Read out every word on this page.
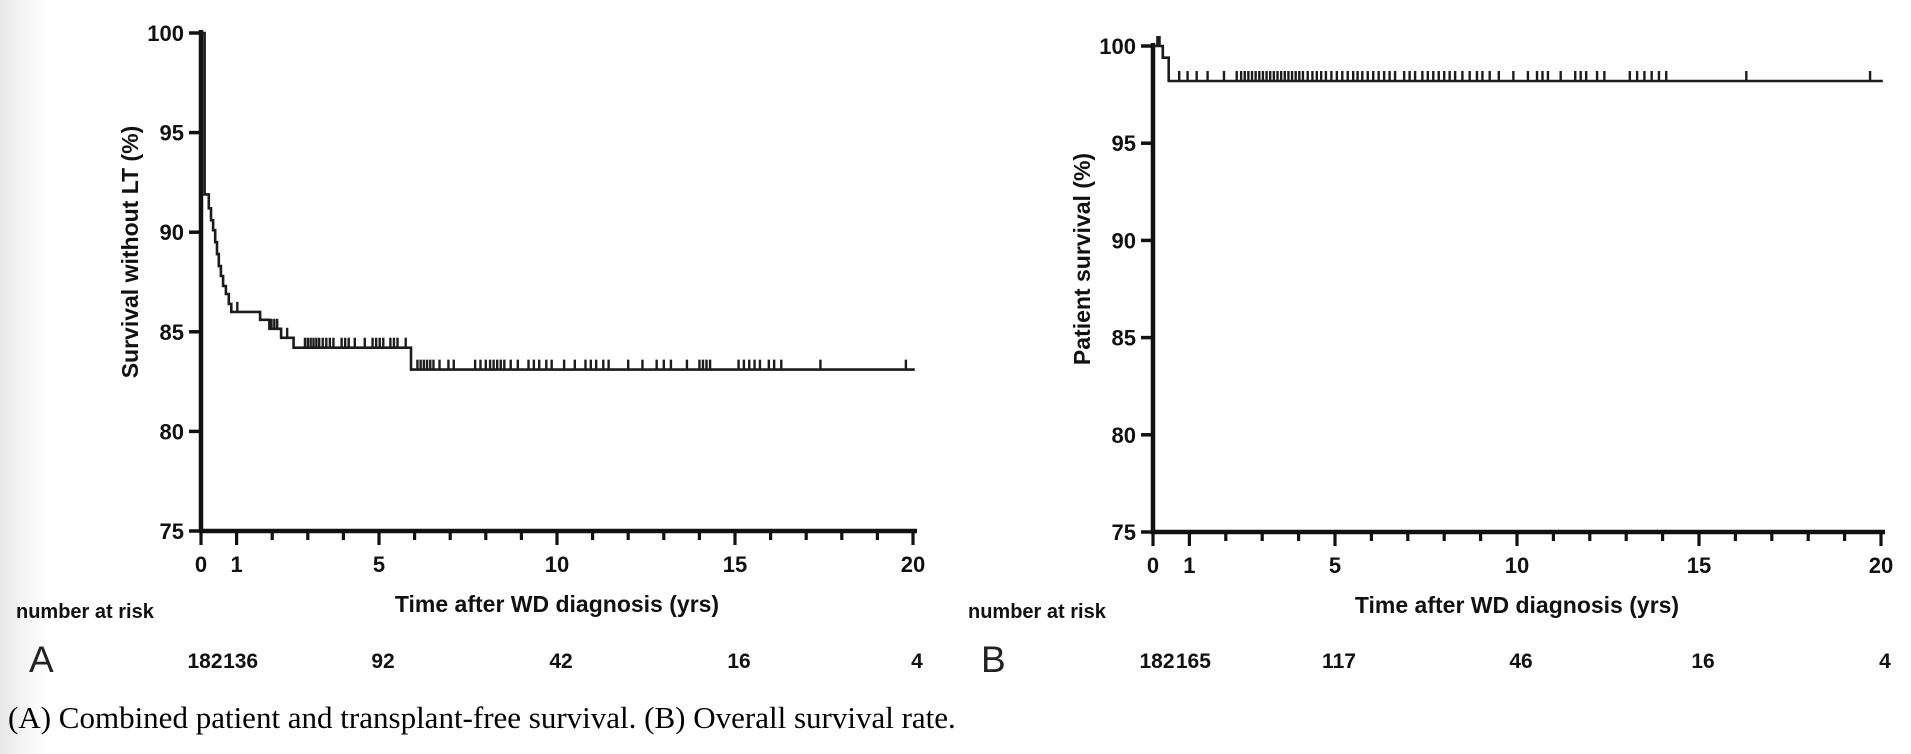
75
80
85
90
95
100
0 1	5	10	15	20
Time after WD diagnosis (yrs)
Survival without LT (%)
number at risk
A	182 136	92	42	16	4
75
80
85
90
95
100
0 1	5	10	15	20
Time after WD diagnosis (yrs)
Patient survival (%)
number at risk
B	182 165	117	46	16	4
(A) Combined patient and transplant-free survival. (B) Overall survival rate.
